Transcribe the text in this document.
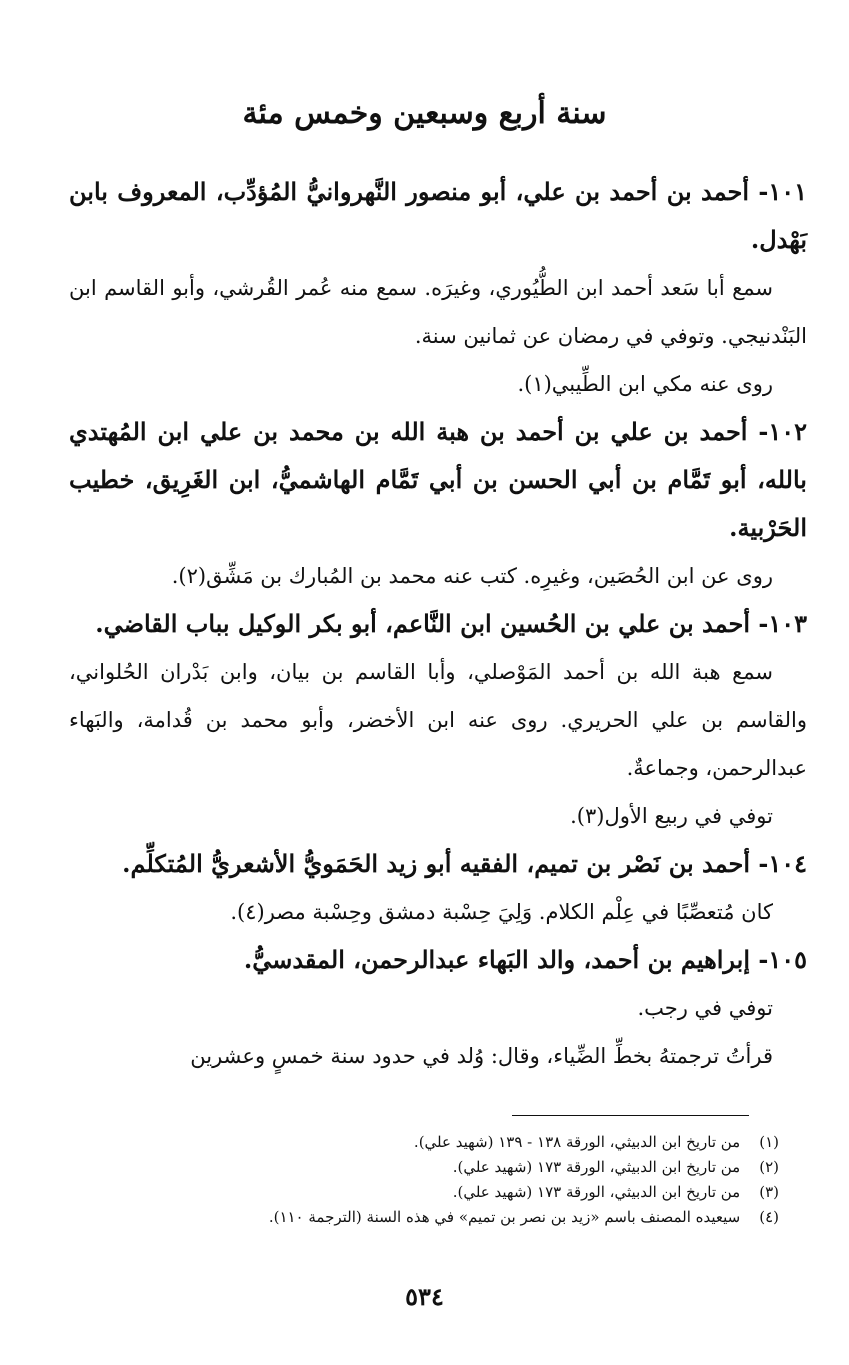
سنة أربع وسبعين وخمس مئة

١٠١- أحمد بن أحمد بن علي، أبو منصور النَّهروانيُّ المُؤدِّب، المعروف بابن بَهْدل.

سمع أبا سَعد أحمد ابن الطُّيُوري، وغيرَه. سمع منه عُمر القُرشي، وأبو القاسم ابن البَنْدنيجي. وتوفي في رمضان عن ثمانين سنة.

روى عنه مكي ابن الطِّيبي(١).

١٠٢- أحمد بن علي بن أحمد بن هبة الله بن محمد بن علي ابن المُهتدي بالله، أبو تَمَّام بن أبي الحسن بن أبي تَمَّام الهاشميُّ، ابن الغَرِيق، خطيب الحَرْبية.

روى عن ابن الحُصَين، وغيرِه. كتب عنه محمد بن المُبارك بن مَشِّق(٢).

١٠٣- أحمد بن علي بن الحُسين ابن النَّاعم، أبو بكر الوكيل بباب القاضي.

سمع هبة الله بن أحمد المَوْصلي، وأبا القاسم بن بيان، وابن بَدْران الحُلواني، والقاسم بن علي الحريري. روى عنه ابن الأخضر، وأبو محمد بن قُدامة، والبَهاء عبدالرحمن، وجماعةٌ.

توفي في ربيع الأول(٣).

١٠٤- أحمد بن نَصْر بن تميم، الفقيه أبو زيد الحَمَويُّ الأشعريُّ المُتكلِّم.

كان مُتعصِّبًا في عِلْم الكلام. وَلِيَ حِسْبة دمشق وحِسْبة مصر(٤).

١٠٥- إبراهيم بن أحمد، والد البَهاء عبدالرحمن، المقدسيُّ.

توفي في رجب.

قرأتُ ترجمتهُ بخطِّ الضِّياء، وقال: وُلد في حدود سنة خمسٍ وعشرين

(١) من تاريخ ابن الدبيثي، الورقة ١٣٨ - ١٣٩ (شهيد علي).
(٢) من تاريخ ابن الدبيثي، الورقة ١٧٣ (شهيد علي).
(٣) من تاريخ ابن الدبيثي، الورقة ١٧٣ (شهيد علي).
(٤) سيعيده المصنف باسم «زيد بن نصر بن تميم» في هذه السنة (الترجمة ١١٠).
٥٣٤
